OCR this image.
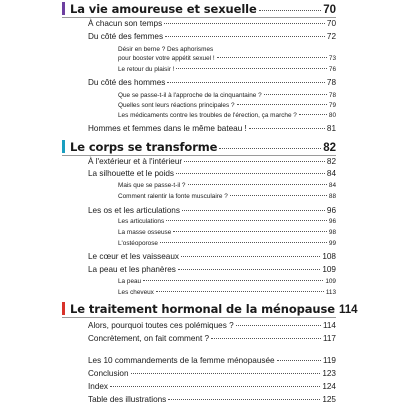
La vie amoureuse et sexuelle	70
À chacun son temps	70
Du côté des femmes	72
Désir en berne ? Des aphorismes
pour booster votre appétit sexuel !	73
Le retour du plaisir !	76
Du côté des hommes	78
Que se passe-t-il à l'approche de la cinquantaine ?	78
Quelles sont leurs réactions principales ?	79
Les médicaments contre les troubles de l'érection, ça marche ?	80
Hommes et femmes dans le même bateau !	81
Le corps se transforme	82
À l'extérieur et à l'intérieur	82
La silhouette et le poids	84
Mais que se passe-t-il ?	84
Comment ralentir la fonte musculaire ?	88
Les os et les articulations	96
Les articulations	96
La masse osseuse	98
L'ostéoporose	99
Le cœur et les vaisseaux	108
La peau et les phanères	109
La peau	109
Les cheveux	113
Le traitement hormonal de la ménopause 114
Alors, pourquoi toutes ces polémiques ?	114
Concrètement, on fait comment ?	117
Les 10 commandements de la femme ménopausée	119
Conclusion	123
Index	124
Table des illustrations	125
